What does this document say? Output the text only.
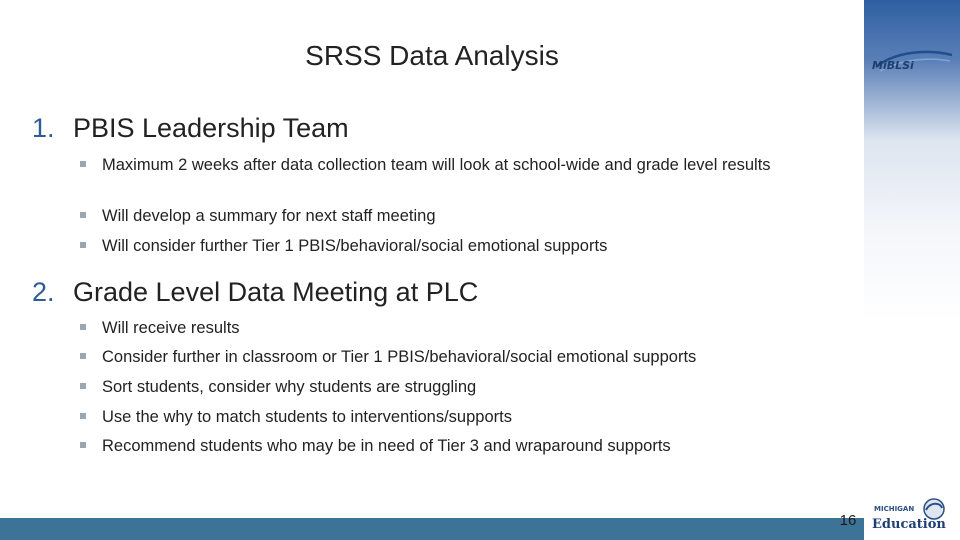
MiBLSi
SRSS Data Analysis
1. PBIS Leadership Team
Maximum 2 weeks after data collection team will look at school-wide and grade level results
Will develop a summary for next staff meeting
Will consider further Tier 1 PBIS/behavioral/social emotional supports
2. Grade Level Data Meeting at PLC
Will receive results
Consider further in classroom or Tier 1 PBIS/behavioral/social emotional supports
Sort students, consider why students are struggling
Use the why to match students to interventions/supports
Recommend students who may be in need of Tier 3 and wraparound supports
16
MICHIGAN
Education
